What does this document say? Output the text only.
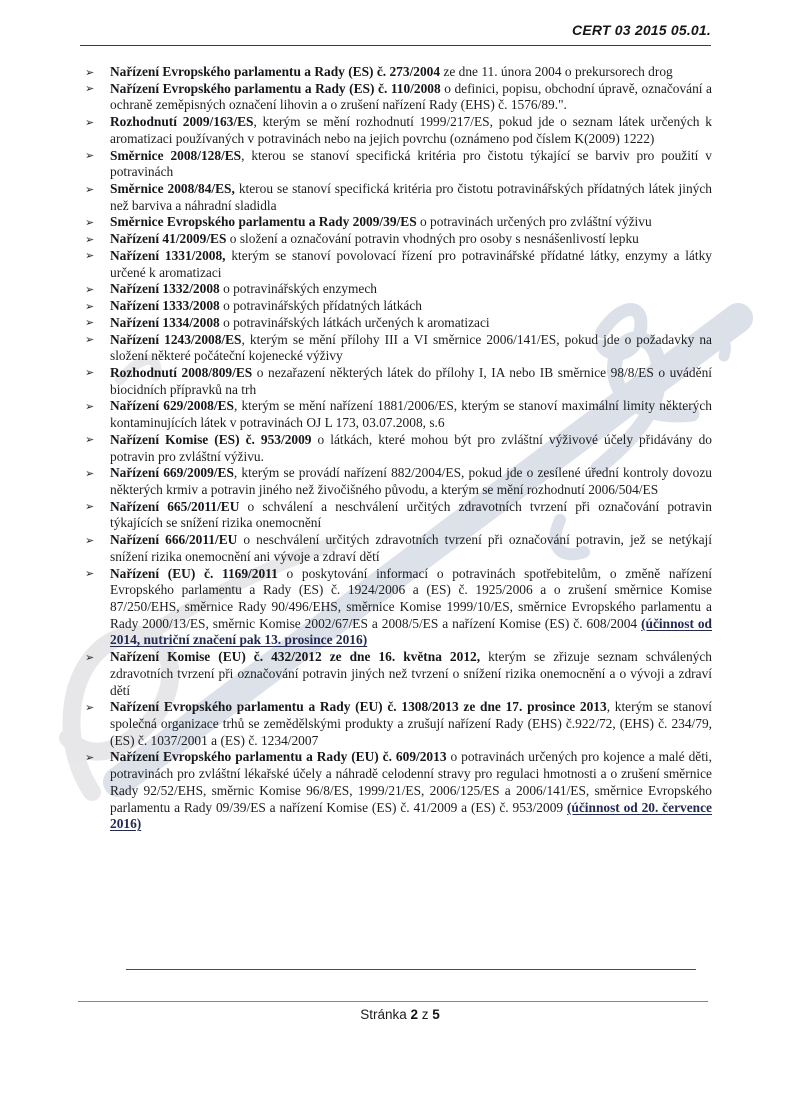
CERT 03 2015 05.01.
➢ Nařízení Evropského parlamentu a Rady (ES) č. 273/2004 ze dne 11. února 2004 o prekursorech drog
➢ Nařízení Evropského parlamentu a Rady (ES) č. 110/2008 o definici, popisu, obchodní úpravě, označování a ochraně zeměpisných označení lihovin a o zrušení nařízení Rady (EHS) č. 1576/89.".
➢ Rozhodnutí 2009/163/ES, kterým se mění rozhodnutí 1999/217/ES, pokud jde o seznam látek určených k aromatizaci používaných v potravinách nebo na jejich povrchu (oznámeno pod číslem K(2009) 1222)
➢ Směrnice 2008/128/ES, kterou se stanoví specifická kritéria pro čistotu týkající se barviv pro použití v potravinách
➢ Směrnice 2008/84/ES, kterou se stanoví specifická kritéria pro čistotu potravinářských přídatných látek jiných než barviva a náhradní sladidla
➢ Směrnice Evropského parlamentu a Rady 2009/39/ES o potravinách určených pro zvláštní výživu
➢ Nařízení 41/2009/ES o složení a označování potravin vhodných pro osoby s nesnášenlivostí lepku
➢ Nařízení 1331/2008, kterým se stanoví povolovací řízení pro potravinářské přídatné látky, enzymy a látky určené k aromatizaci
➢ Nařízení 1332/2008 o potravinářských enzymech
➢ Nařízení 1333/2008 o potravinářských přídatných látkách
➢ Nařízení 1334/2008 o potravinářských látkách určených k aromatizaci
➢ Nařízení 1243/2008/ES, kterým se mění přílohy III a VI směrnice 2006/141/ES, pokud jde o požadavky na složení některé počáteční kojenecké výživy
➢ Rozhodnutí 2008/809/ES o nezařazení některých látek do přílohy I, IA nebo IB směrnice 98/8/ES o uvádění biocidních přípravků na trh
➢ Nařízení 629/2008/ES, kterým se mění nařízení 1881/2006/ES, kterým se stanoví maximální limity některých kontaminujících látek v potravinách OJ L 173, 03.07.2008, s.6
➢ Nařízení Komise (ES) č. 953/2009 o látkách, které mohou být pro zvláštní výživové účely přidávány do potravin pro zvláštní výživu.
➢ Nařízení 669/2009/ES, kterým se provádí nařízení 882/2004/ES, pokud jde o zesílené úřední kontroly dovozu některých krmiv a potravin jiného než živočišného původu, a kterým se mění rozhodnutí 2006/504/ES
➢ Nařízení 665/2011/EU o schválení a neschválení určitých zdravotních tvrzení při označování potravin týkajících se snížení rizika onemocnění
➢ Nařízení 666/2011/EU o neschválení určitých zdravotních tvrzení při označování potravin, jež se netýkají snížení rizika onemocnění ani vývoje a zdraví dětí
➢ Nařízení (EU) č. 1169/2011 o poskytování informací o potravinách spotřebitelům, o změně nařízení Evropského parlamentu a Rady (ES) č. 1924/2006 a (ES) č. 1925/2006 a o zrušení směrnice Komise 87/250/EHS, směrnice Rady 90/496/EHS, směrnice Komise 1999/10/ES, směrnice Evropského parlamentu a Rady 2000/13/ES, směrnic Komise 2002/67/ES a 2008/5/ES a nařízení Komise (ES) č. 608/2004 (účinnost od 2014, nutriční značení pak 13. prosince 2016)
➢ Nařízení Komise (EU) č. 432/2012 ze dne 16. května 2012, kterým se zřizuje seznam schválených zdravotních tvrzení při označování potravin jiných než tvrzení o snížení rizika onemocnění a o vývoji a zdraví dětí
➢ Nařízení Evropského parlamentu a Rady (EU) č. 1308/2013 ze dne 17. prosince 2013, kterým se stanoví společná organizace trhů se zemědělskými produkty a zrušují nařízení Rady (EHS) č.922/72, (EHS) č. 234/79, (ES) č. 1037/2001 a (ES) č. 1234/2007
➢ Nařízení Evropského parlamentu a Rady (EU) č. 609/2013 o potravinách určených pro kojence a malé děti, potravinách pro zvláštní lékařské účely a náhradě celodenní stravy pro regulaci hmotnosti a o zrušení směrnice Rady 92/52/EHS, směrnic Komise 96/8/ES, 1999/21/ES, 2006/125/ES a 2006/141/ES, směrnice Evropského parlamentu a Rady 09/39/ES a nařízení Komise (ES) č. 41/2009 a (ES) č. 953/2009 (účinnost od 20. července 2016)
Stránka 2 z 5
